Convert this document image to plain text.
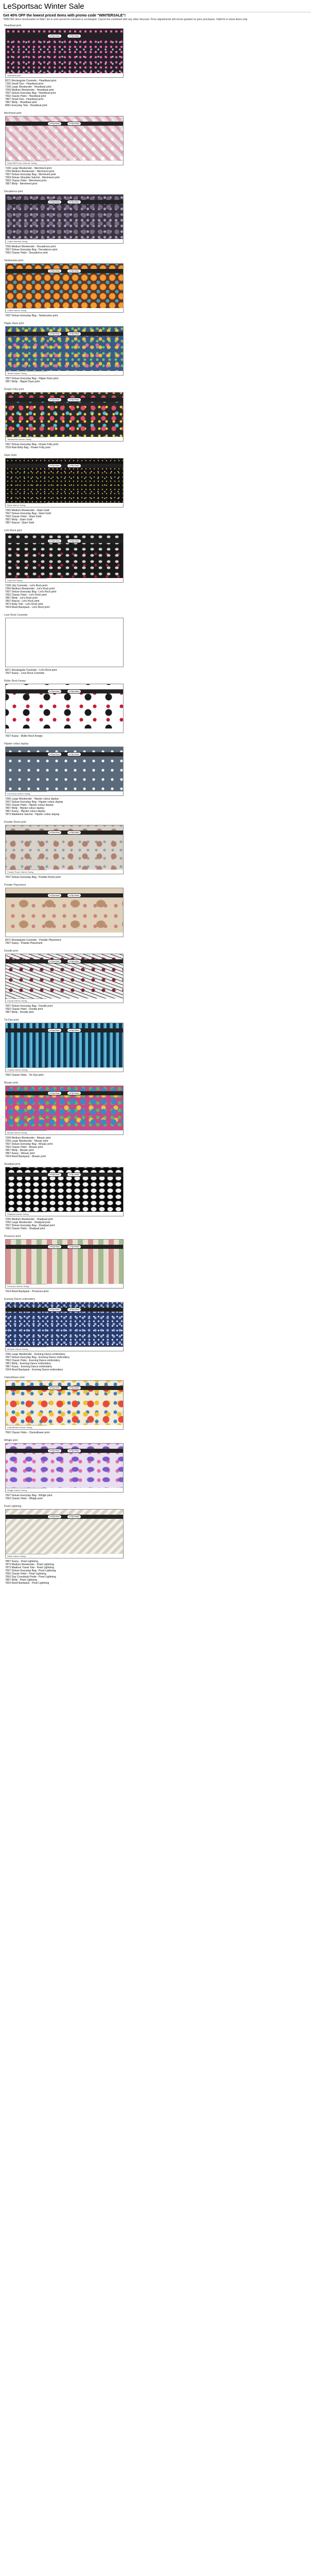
LeSportsac Winter Sale
Get 40% OFF the lowest priced items with promo code "WINTERSALE"!

*WINTER direct slectionelles et Wait / list or and cannot be returned or exchanged. Cancel the combined with any other discount. Price adjustments will not be granted on prior purchases. Valid for in-stock items only.

Heartbeat print
LeSportsac	LeSportsac
Heartbeat print
8371 Rectangular Cosmetic - Heartbeat print
7105 Small Cleo - Heartbeat print
7106 Large Weekender - Heartbeat print
7256 Medium Weekender - Heartbeat print
7507 Deluxe Everyday Bag - Heartbeat print
7562 Classic Hobo - Heartbeat print
7807 Small Cleo - Heartbeat print
7857 Molly - Heartbeat print
8061 Everyday Tote - Heartbeat print
Merriment print
LeSportsac	LeSportsac
Diary Mill Promo Informer Swing
7106 Large Weekender - Merriment print
7256 Medium Weekender - Merriment print
7507 Deluxe Everyday Bag - Merriment print
7559 Deluxe Shoulder Satchel - Merriment print
7562 Classic Hobo - Merriment print
7857 Molly - Merriment print
Decadence print
LeSportsac	LeSportsac
Coffee Interiors Swing
7256 Medium Weekender - Decadence print
7507 Deluxe Everyday Bag - Decadence print
7562 Classic Hobo - Decadence print
Tambourine print
LeSportsac	LeSportsac
Coffee interior Swing
7507 Deluxe Everyday Bag - Tambourine print
Hippie Daze print
LeSportsac	LeSportsac
Tambo Interior Swing
7507 Deluxe Everyday Bag - Hippie Daze print
7857 Molly - Hippie Daze print
Flower Frilly print
LeSportsac	LeSportsac
Tambourine Interior Swing
7507 Deluxe Everyday Bag - Flower Frilly print
7516 Rain Belly Bag - Flower Frilly print
Glam Gold
LeSportsac	LeSportsac
Black interior Swing
7256 Medium Weekender - Glam Gold
7507 Deluxe Everyday Bag - Glam Gold
7562 Classic Hobo - Glam Gold
7857 Molly - Glam Gold
7857 Rascal - Glam Gold
Let's Rock print
LeSportsac	LeSportsac
Lady Rox Swing
7106 Lilly Cosmetic - Let's Rock print
7256 Medium Weekender - Let's Rock print
7507 Deluxe Everyday Bag - Let's Rock print
7562 Classic Hobo - Let's Rock print
7857 Molly - Let's Rock print
7857 Rascal - Let's Rock print
7873 Ruby Tote - Let's Rock print
7924 Reed Backpack - Let's Rock print
Love Rock Cosmetic
8371 Rectangular Cosmetic - Let's Rock print
7507 Kassy - Love Rock Cosmetic
Roller Rock Kewpy
LeSportsac	LeSportsac
7507 Kassy - Roller Rock Kewpy
Hipster colour daytop
LeSportsac	LeSportsac
Fan Dump Interior Swing
7256 Large Weekender - Hipster colour daytop
7507 Deluxe Everyday Bag - Hipster colour daytop
7562 Classic Hobo - Hipster colour daytop
7857 Molly - Hipster colour daytop
7867 Kassy - Hipster colour daytop
7873 Madeleine Satchel - Hipster colour daytop
Powder Room print
LeSportsac	LeSportsac
Powder Room Interior Swing
7507 Deluxe Everyday Bag - Powder Room print
Powder Placement
LeSportsac	LeSportsac
8371 Rectangular Cosmetic - Powder Placement
7507 Kassy - Powder Placement
Doodle print
LeSportsac	LeSportsac
Doodle interior Swing
7507 Deluxe Everyday Bag - Doodle print
7562 Classic Hobo - Doodle print
7857 Molly - Doodle print
Tie Dye print
LeSportsac	LeSportsac
Coastal Interior Swing
7562 Classic Hobo - Tie Dye print
Mosaic print
LeSportsac	LeSportsac
Mosaic Interior Swing
7106 Medium Weekender - Mosaic print
7256 Large Weekender - Mosaic print
7507 Deluxe Everyday Bag - Mosaic print
7562 Classic Hobo - Mosaic print
7857 Molly - Mosaic print
7867 Kassy - Mosaic print
7924 Reed Backpack - Mosaic print
Shadpad print
LeSportsac	LeSportsac
Shadpad Interior Swing
7256 Medium Weekender - Shadpad print
7256 Large Weekender - Shadpad print
7507 Deluxe Everyday Bag - Shadpad print
7562 Classic Hobo - Shadpad print
Provence print
LeSportsac	LeSportsac
Provence interior Swing
7014 Reed Backpack - Provence print
Evening Dance embroidery
LeSportsac	LeSportsac
Monster Interior Swing
7256 Large Weekender - Evening Dance embroidery
7507 Deluxe Everyday Bag - Evening Dance embroidery
7562 Classic Hobo - Evening Dance embroidery
7857 Molly - Evening Dance embroidery
7867 Kassy - Evening Dance embroidery
7924 Reed Backpack - Evening Dance embroidery
Clarissflower print
LeSportsac	LeSportsac
Clarissflower Interior Swing
7562 Classic Hobo - Clarissflower print
Whigle print
LeSportsac	LeSportsac
Whigle Interior Swing
7507 Deluxe Everyday Bag - Whigle print
7562 Classic Hobo - Whigle print
Pearl Lightning
LeSportsac	LeSportsac
White Interior Swing
7857 Kassy - Pearl Lightning
7873 Medium Weekender - Pearl Lightning
7873 Madison Travel Tote - Pearl Lightning
7507 Deluxe Everyday Bag - Pearl Lightning
7562 Classic Hobo - Pearl Lightning
7562 Day Crossbody Petite - Pearl Lightning
7857 Molly - Pearl Lightning
7924 Reed Backpack - Pearl Lightning
